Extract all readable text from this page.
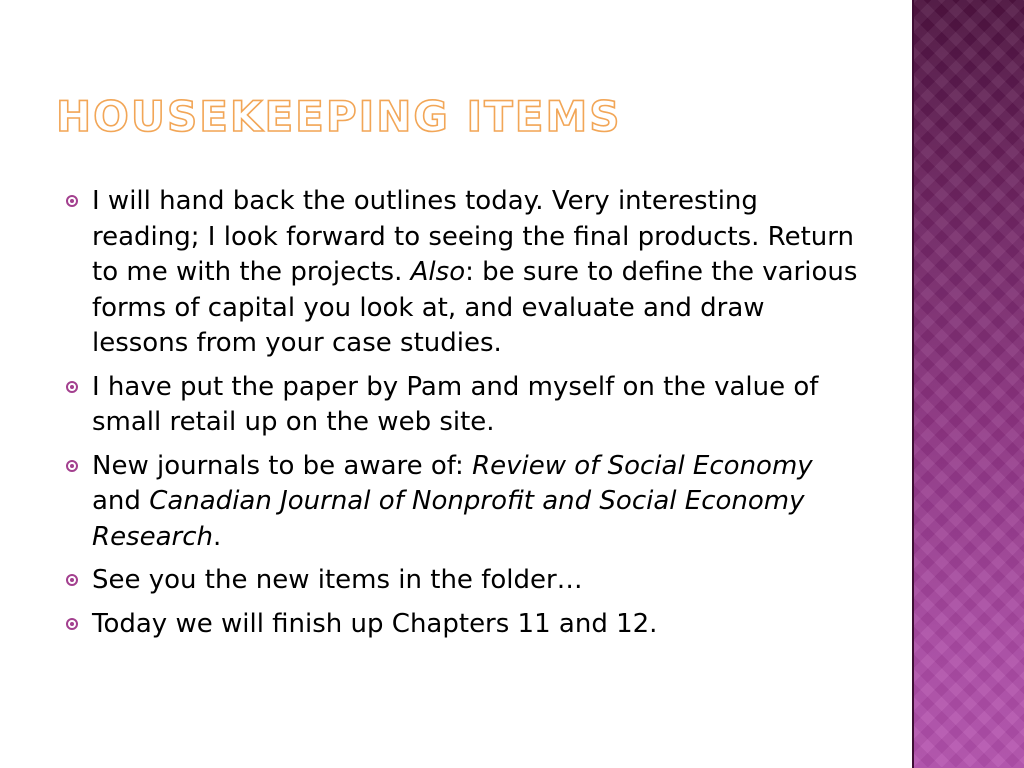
HOUSEKEEPING ITEMS
I will hand back the outlines today. Very interesting reading; I look forward to seeing the final products. Return to me with the projects. Also: be sure to define the various forms of capital you look at, and evaluate and draw lessons from your case studies.
I have put the paper by Pam and myself on the value of small retail up on the web site.
New journals to be aware of: Review of Social Economy and Canadian Journal of Nonprofit and Social Economy Research.
See you the new items in the folder…
Today we will finish up Chapters 11 and 12.
